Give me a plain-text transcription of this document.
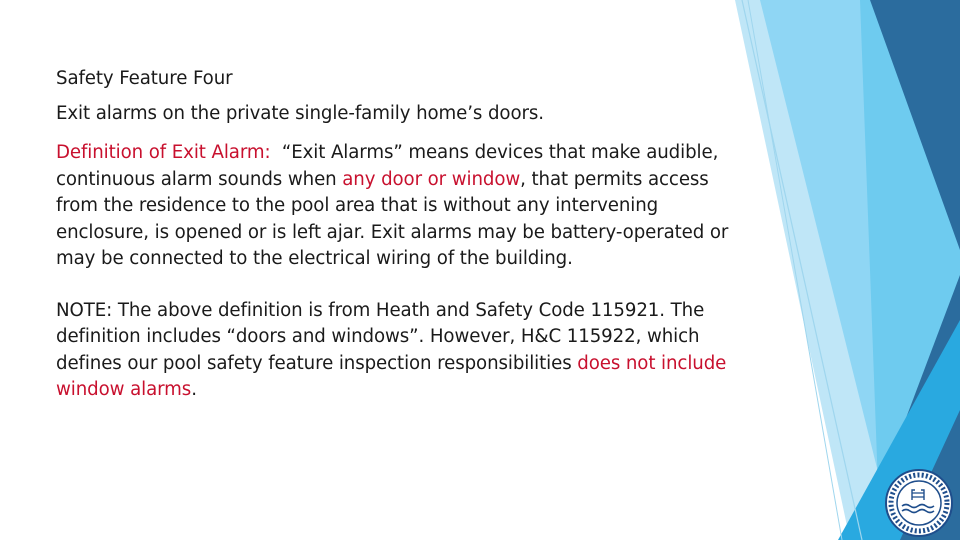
Safety Feature Four

Exit alarms on the private single-family home’s doors.

Definition of Exit Alarm: “Exit Alarms” means devices that make audible, continuous alarm sounds when any door or window, that permits access from the residence to the pool area that is without any intervening enclosure, is opened or is left ajar. Exit alarms may be battery-operated or may be connected to the electrical wiring of the building.

NOTE: The above definition is from Heath and Safety Code 115921. The definition includes “doors and windows”. However, H&C 115922, which defines our pool safety feature inspection responsibilities does not include window alarms.
